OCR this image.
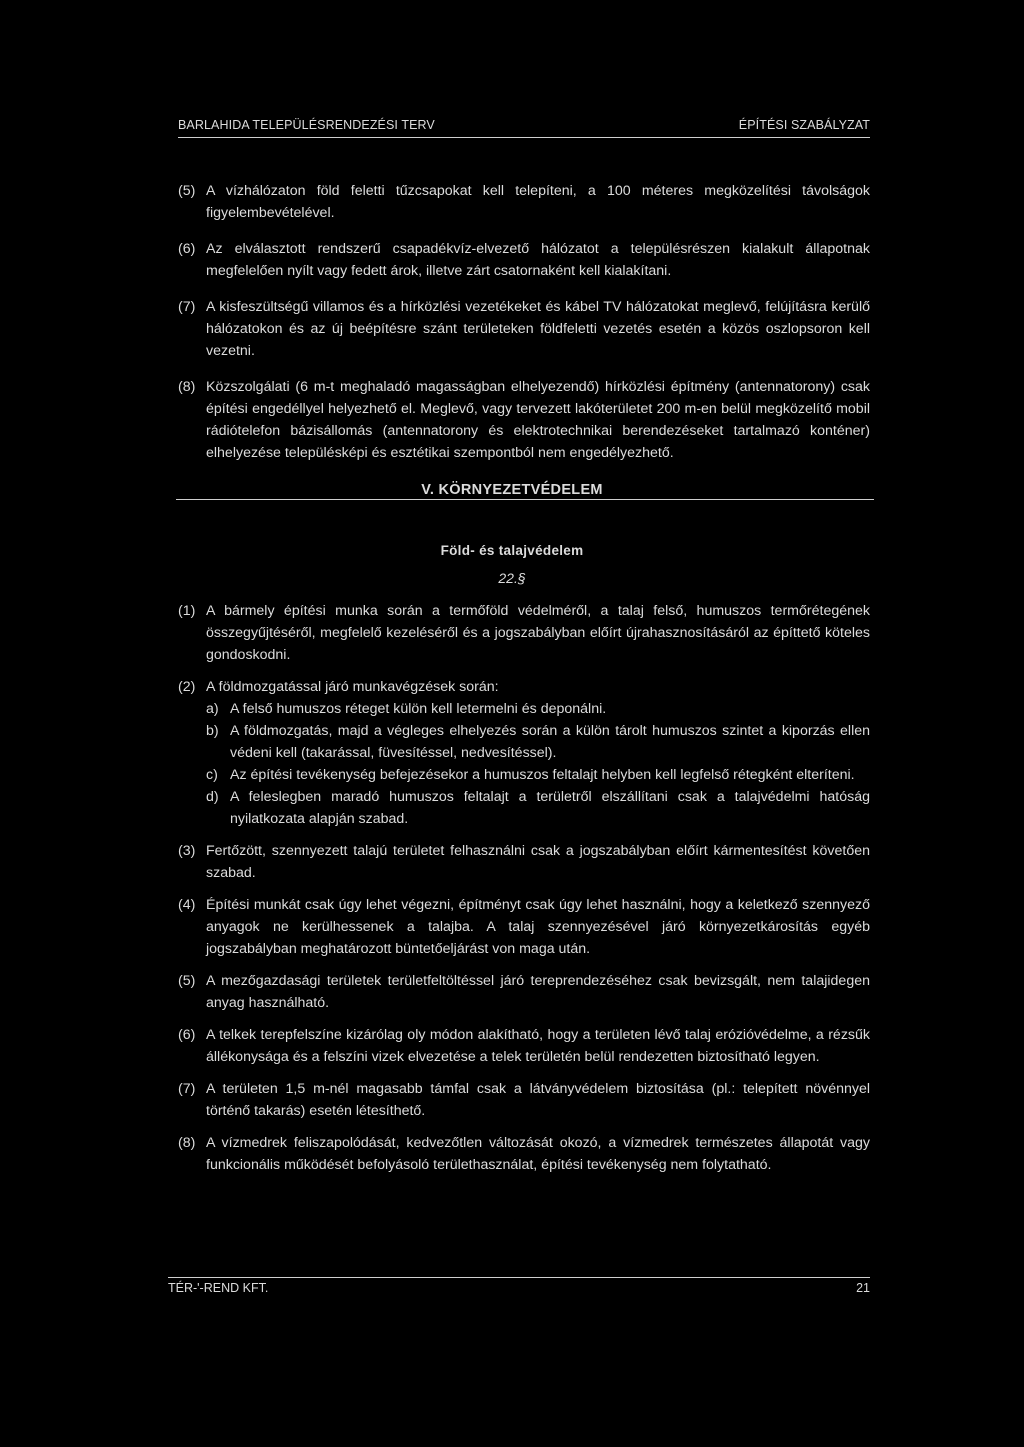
BARLAHIDA TELEPÜLÉSRENDEZÉSI TERV	ÉPÍTÉSI SZABÁLYZAT
(5) A vízhálózaton föld feletti tűzcsapokat kell telepíteni, a 100 méteres megközelítési távolságok figyelembevételével.
(6) Az elválasztott rendszerű csapadékvíz-elvezető hálózatot a településrészen kialakult állapotnak megfelelően nyílt vagy fedett árok, illetve zárt csatornaként kell kialakítani.
(7) A kisfeszültségű villamos és a hírközlési vezetékeket és kábel TV hálózatokat meglevő, felújításra kerülő hálózatokon és az új beépítésre szánt területeken földfeletti vezetés esetén a közös oszlopsoron kell vezetni.
(8) Közszolgálati (6 m-t meghaladó magasságban elhelyezendő) hírközlési építmény (antennatorony) csak építési engedéllyel helyezhető el. Meglevő, vagy tervezett lakóterületet 200 m-en belül megközelítő mobil rádiótelefon bázisállomás (antennatorony és elektrotechnikai berendezéseket tartalmazó konténer) elhelyezése településképi és esztétikai szempontból nem engedélyezhető.
V. KÖRNYEZETVÉDELEM
Föld- és talajvédelem
22.§
(1) A bármely építési munka során a termőföld védelméről, a talaj felső, humuszos termőrétegének összegyűjtéséről, megfelelő kezeléséről és a jogszabályban előírt újrahasznosításáról az építtető köteles gondoskodni.
(2) A földmozgatással járó munkavégzések során:
a) A felső humuszos réteget külön kell letermelni és deponálni.
b) A földmozgatás, majd a végleges elhelyezés során a külön tárolt humuszos szintet a kiporzás ellen védeni kell (takarással, füvesítéssel, nedvesítéssel).
c) Az építési tevékenység befejezésekor a humuszos feltalajt helyben kell legfelső rétegként elteríteni.
d) A feleslegben maradó humuszos feltalajt a területről elszállítani csak a talajvédelmi hatóság nyilatkozata alapján szabad.
(3) Fertőzött, szennyezett talajú területet felhasználni csak a jogszabályban előírt kármentesítést követően szabad.
(4) Építési munkát csak úgy lehet végezni, építményt csak úgy lehet használni, hogy a keletkező szennyező anyagok ne kerülhessenek a talajba. A talaj szennyezésével járó környezetkárosítás egyéb jogszabályban meghatározott büntetőeljárást von maga után.
(5) A mezőgazdasági területek területfeltöltéssel járó tereprendezéséhez csak bevizsgált, nem talajidegen anyag használható.
(6) A telkek terepfelszíne kizárólag oly módon alakítható, hogy a területen lévő talaj erózióvédelme, a rézsűk állékonysága és a felszíni vizek elvezetése a telek területén belül rendezetten biztosítható legyen.
(7) A területen 1,5 m-nél magasabb támfal csak a látványvédelem biztosítása (pl.: telepített növénnyel történő takarás) esetén létesíthető.
(8) A vízmedrek feliszapolódását, kedvezőtlen változását okozó, a vízmedrek természetes állapotát vagy funkcionális működését befolyásoló területhasználat, építési tevékenység nem folytatható.
TÉR-'-REND KFT.	21
